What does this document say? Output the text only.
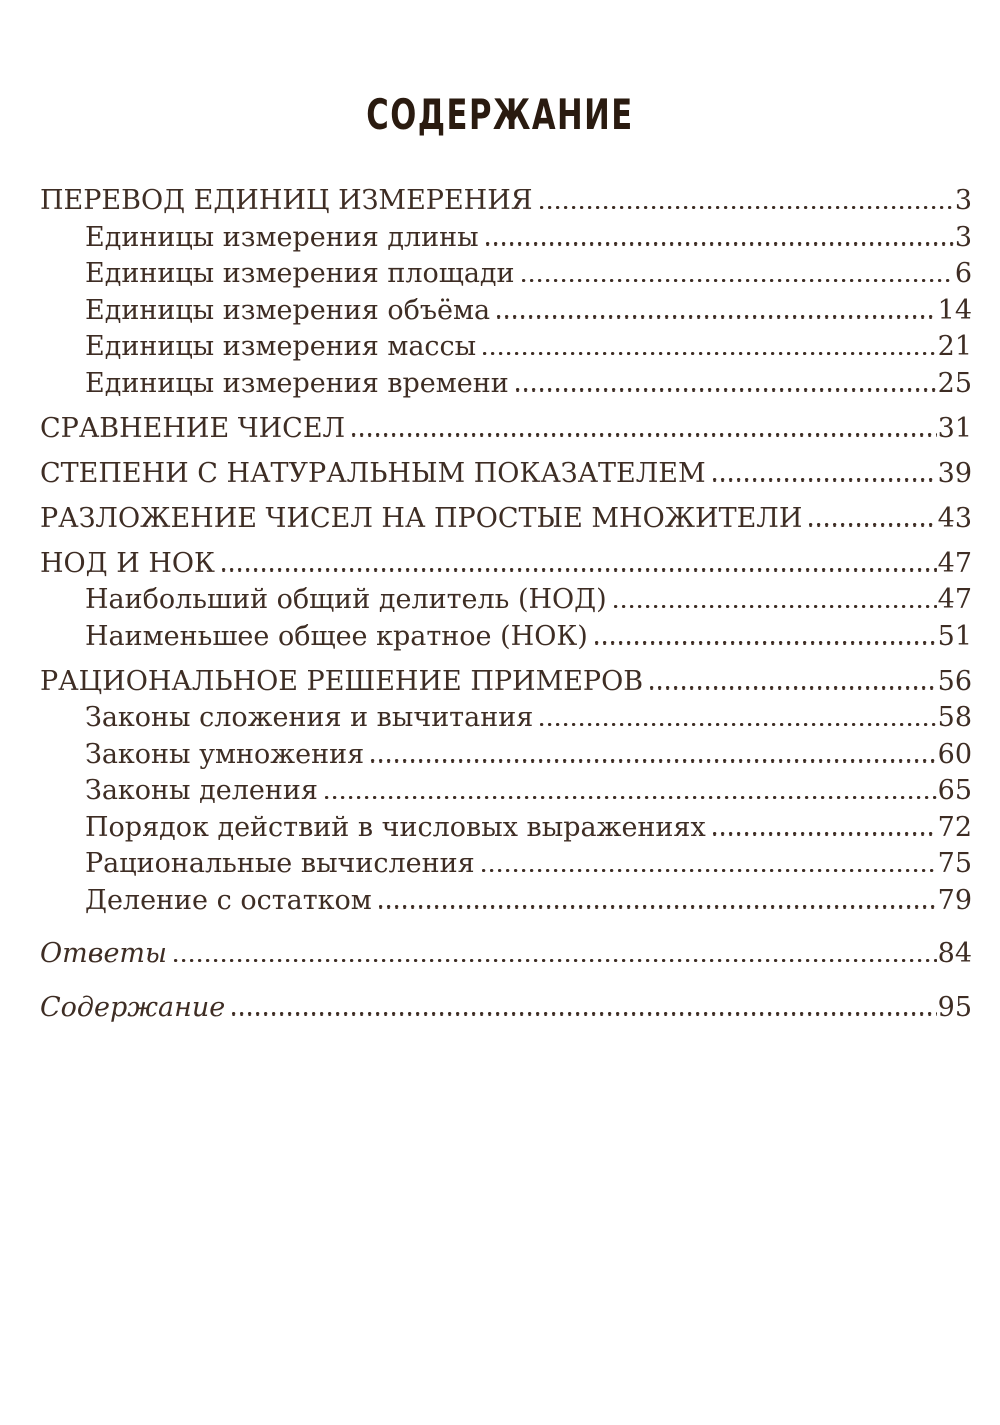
СОДЕРЖАНИЕ
ПЕРЕВОД ЕДИНИЦ ИЗМЕРЕНИЯ	3
Единицы измерения длины	3
Единицы измерения площади	6
Единицы измерения объёма	14
Единицы измерения массы	21
Единицы измерения времени	25
СРАВНЕНИЕ ЧИСЕЛ	31
СТЕПЕНИ С НАТУРАЛЬНЫМ ПОКАЗАТЕЛЕМ	39
РАЗЛОЖЕНИЕ ЧИСЕЛ НА ПРОСТЫЕ МНОЖИТЕЛИ	43
НОД И НОК	47
Наибольший общий делитель (НОД)	47
Наименьшее общее кратное (НОК)	51
РАЦИОНАЛЬНОЕ РЕШЕНИЕ ПРИМЕРОВ	56
Законы сложения и вычитания	58
Законы умножения	60
Законы деления	65
Порядок действий в числовых выражениях	72
Рациональные вычисления	75
Деление с остатком	79
Ответы	84
Содержание	95
